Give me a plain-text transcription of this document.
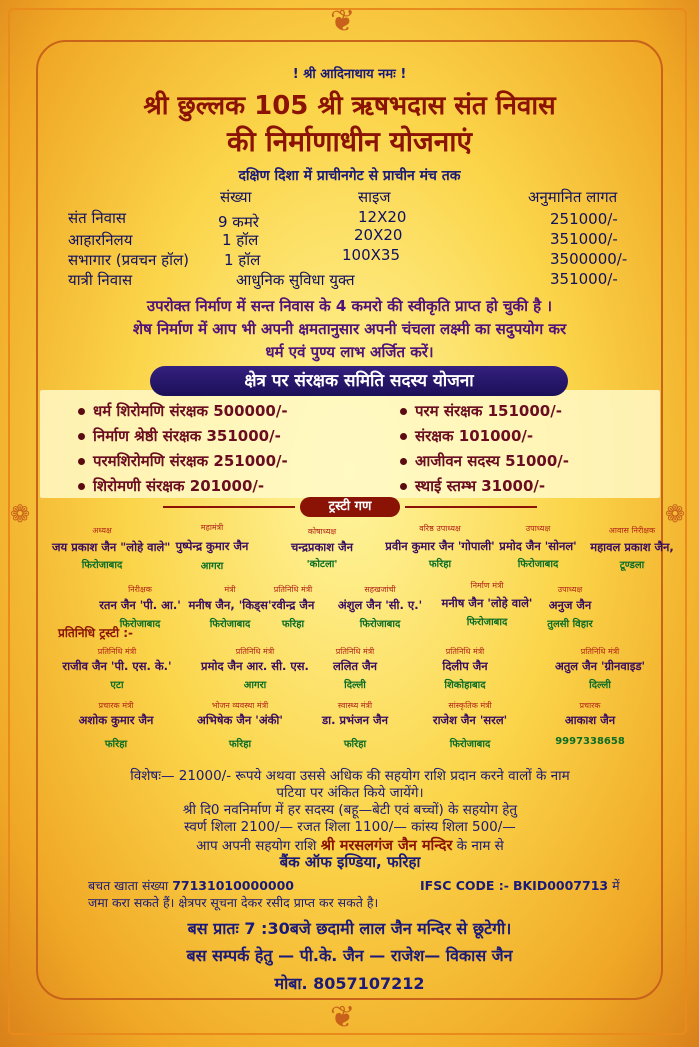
❦
❦
❁	❁
! श्री आदिनाथाय नमः !
श्री छुल्लक 105 श्री ऋषभदास संत निवास
की निर्माणाधीन योजनाएं
दक्षिण दिशा में प्राचीनगेट से प्राचीन मंच तक
संख्या	साइज	अनुमानित लागत
संत निवास	9 कमरे	12X20	251000/-
आहारनिलय	1 हॉल	20X20	351000/-
सभागार (प्रवचन हॉल) 1 हॉल	100X35	3500000/-
यात्री निवास	आधुनिक सुविधा युक्त	351000/-
उपरोक्त निर्माण में सन्त निवास के 4 कमरो की स्वीकृति प्राप्त हो चुकी है ।
शेष निर्माण में आप भी अपनी क्षमतानुसार अपनी चंचला लक्ष्मी का सदुपयोग कर
धर्म एवं पुण्य लाभ अर्जित करें।
क्षेत्र पर संरक्षक समिति सदस्य योजना
धर्म शिरोमणि संरक्षक 500000/-
निर्माण श्रेष्ठी संरक्षक 351000/-
परमशिरोमणि संरक्षक 251000/-
शिरोमणी संरक्षक 201000/-
परम संरक्षक 151000/-
संरक्षक 101000/-
आजीवन सदस्य 51000/-
स्थाई स्तम्भ 31000/-
ट्रस्टी गण
अध्यक्ष
जय प्रकाश जैन "लोहे वाले"
फिरोजाबाद
महामंत्री
पुष्पेन्द्र कुमार जैन
आगरा
कोषाध्यक्ष
चन्द्रप्रकाश जैन
'कोटला'
वरिष्ठ उपाध्यक्ष
प्रवीन कुमार जैन 'गोपाली'
फरिहा
उपाध्यक्ष
प्रमोद जैन 'सोनल'
फिरोजाबाद
आवास निरीक्षक
महावल प्रकाश जैन,
टूण्डला
निरीक्षक
रतन जैन 'पी. आ.'
फिरोजाबाद
मंत्री
मनीष जैन, 'किड्स'
फिरोजाबाद
प्रतिनिधि मंत्री
रवीन्द्र जैन
फरिहा
सहखजांची
अंशुल जैन 'सी. ए.'
फिरोजाबाद
निर्माण मंत्री
मनीष जैन 'लोहे वाले'
फिरोजाबाद
उपाध्यक्ष
अनुज जैन
तुलसी विहार
प्रतिनिधि ट्रस्टी :-
प्रतिनिधि मंत्री
राजीव जैन 'पी. एस. के.'
एटा
प्रतिनिधि मंत्री
प्रमोद जैन आर. सी. एस.
आगरा
प्रतिनिधि मंत्री
ललित जैन
दिल्ली
प्रतिनिधि मंत्री
दिलीप जैन
शिकोहाबाद
प्रतिनिधि मंत्री
अतुल जैन 'ग्रीनवाइड'
दिल्ली
प्रचारक मंत्री
अशोक कुमार जैन
फरिहा
भोजन व्यवस्था मंत्री
अभिषेक जैन 'अंकी'
फरिहा
स्वास्थ्य मंत्री
डा. प्रभंजन जैन
फरिहा
सांस्कृतिक मंत्री
राजेश जैन 'सरल'
फिरोजाबाद
प्रचारक
आकाश जैन
9997338658
विशेषः— 21000/- रूपये अथवा उससे अधिक की सहयोग राशि प्रदान करने वालों के नाम
पटिया पर अंकित किये जायेंगे।
श्री दि0 नवनिर्माण में हर सदस्य (बहू—बेटी एवं बच्चों) के सहयोग हेतु
स्वर्ण शिला 2100/— रजत शिला 1100/— कांस्य शिला 500/—
आप अपनी सहयोग राशि श्री मरसलगंज जैन मन्दिर के नाम से
बैंक ऑफ इण्डिया, फरिहा
बचत खाता संख्या 77131010000000	IFSC CODE :- BKID0007713 में
जमा करा सकते हैं। क्षेत्रपर सूचना देकर रसीद प्राप्त कर सकते है।
बस प्रातः 7 :30बजे छदामी लाल जैन मन्दिर से छूटेगी।
बस सम्पर्क हेतु — पी.के. जैन — राजेश— विकास जैन
मोबा. 8057107212
